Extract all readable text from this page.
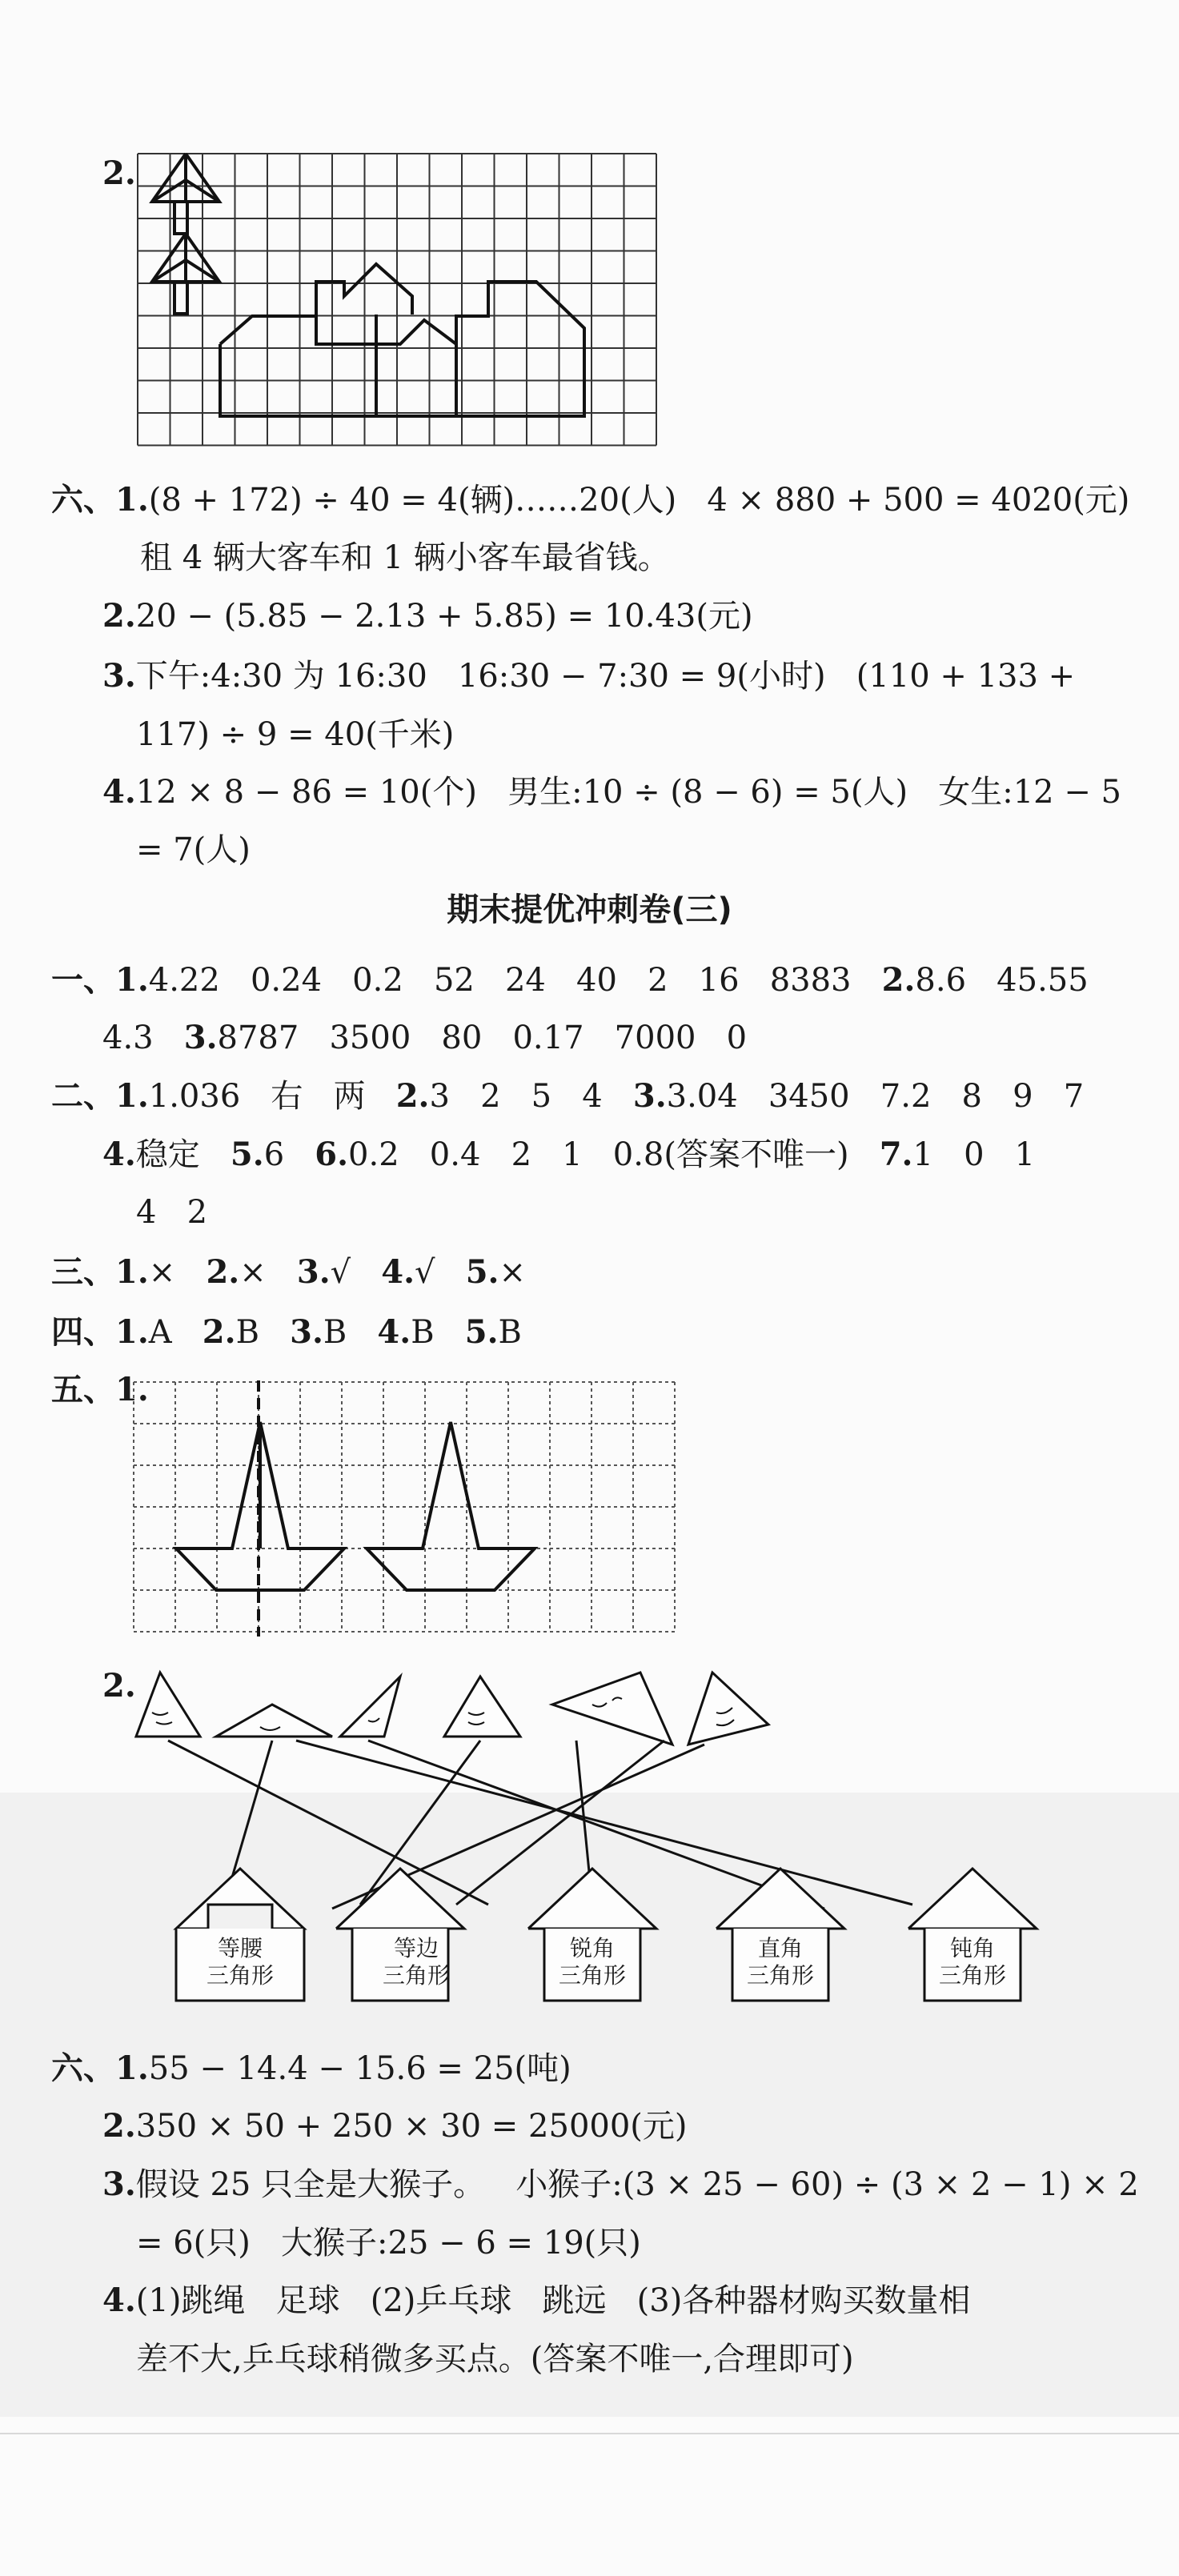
2.
六、1.(8 + 172) ÷ 40 = 4(辆)……20(人)   4 × 880 + 500 = 4020(元)
租 4 辆大客车和 1 辆小客车最省钱。
2.20 − (5.85 − 2.13 + 5.85) = 10.43(元)
3.下午:4:30 为 16:30   16:30 − 7:30 = 9(小时)   (110 + 133 +
117) ÷ 9 = 40(千米)
4.12 × 8 − 86 = 10(个)   男生:10 ÷ (8 − 6) = 5(人)   女生:12 − 5
= 7(人)
期末提优冲刺卷(三)
一、1.4.22   0.24   0.2   52   24   40   2   16   8383   2.8.6   45.55
4.3   3.8787   3500   80   0.17   7000   0
二、1.1.036   右   两   2.3   2   5   4   3.3.04   3450   7.2   8   9   7
4.稳定   5.6   6.0.2   0.4   2   1   0.8(答案不唯一)   7.1   0   1
4   2
三、1.×   2.×   3.√   4.√   5.×
四、1.A   2.B   3.B   4.B   5.B
五、1.
2.
等腰
三角形
等边
三角形
锐角
三角形
直角
三角形
钝角
三角形
六、1.55 − 14.4 − 15.6 = 25(吨)
2.350 × 50 + 250 × 30 = 25000(元)
3.假设 25 只全是大猴子。   小猴子:(3 × 25 − 60) ÷ (3 × 2 − 1) × 2
= 6(只)   大猴子:25 − 6 = 19(只)
4.(1)跳绳   足球   (2)乒乓球   跳远   (3)各种器材购买数量相
差不大,乒乓球稍微多买点。(答案不唯一,合理即可)
